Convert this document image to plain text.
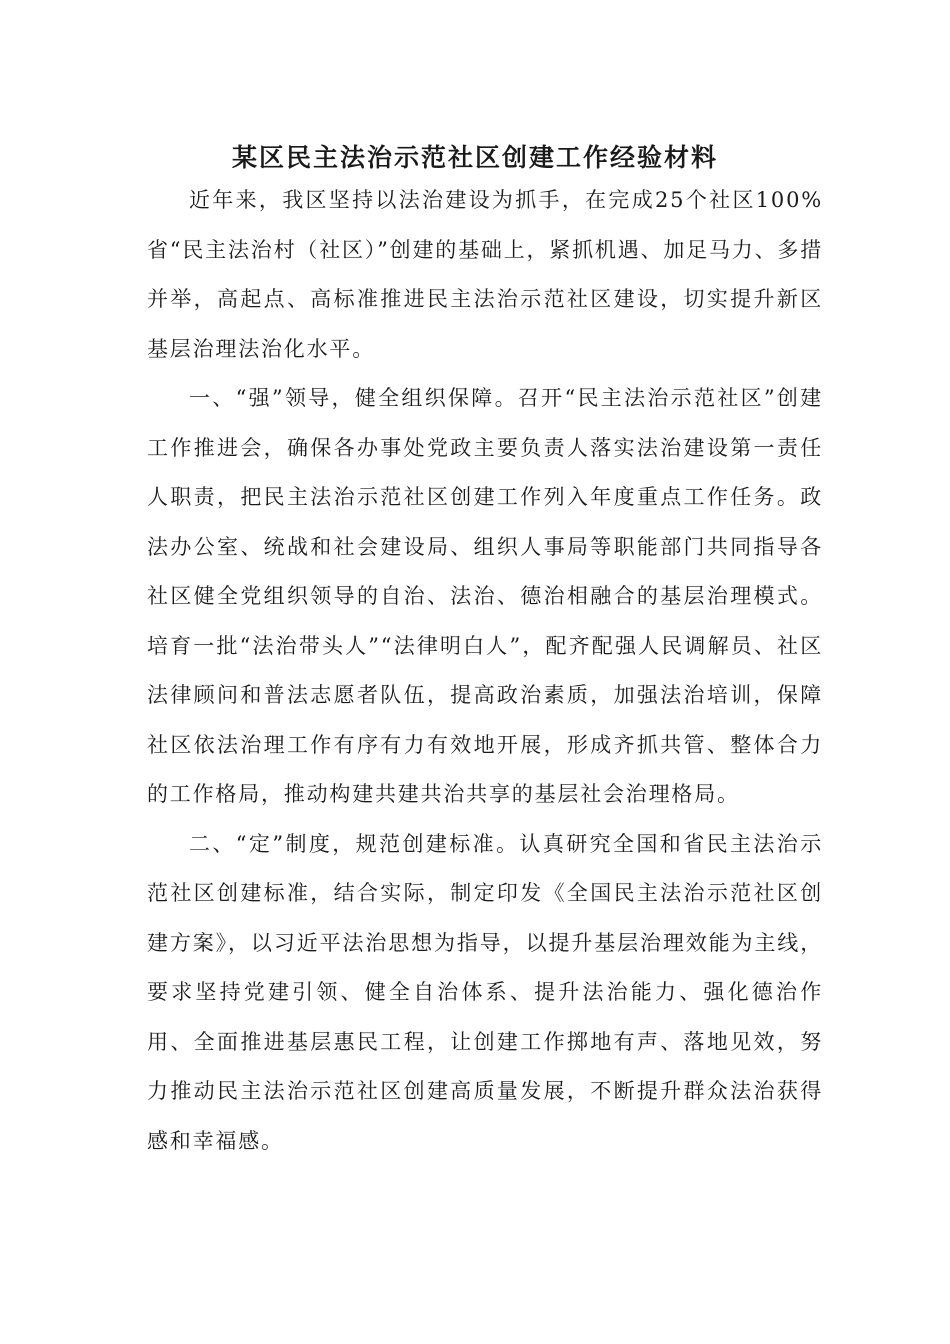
某区民主法治示范社区创建工作经验材料

近年来，我区坚持以法治建设为抓手，在完成25个社区100%省“民主法治村（社区）”创建的基础上，紧抓机遇、加足马力、多措并举，高起点、高标准推进民主法治示范社区建设，切实提升新区基层治理法治化水平。

一、“强”领导，健全组织保障。召开“民主法治示范社区”创建工作推进会，确保各办事处党政主要负责人落实法治建设第一责任人职责，把民主法治示范社区创建工作列入年度重点工作任务。政法办公室、统战和社会建设局、组织人事局等职能部门共同指导各社区健全党组织领导的自治、法治、德治相融合的基层治理模式。培育一批“法治带头人”“法律明白人”，配齐配强人民调解员、社区法律顾问和普法志愿者队伍，提高政治素质，加强法治培训，保障社区依法治理工作有序有力有效地开展，形成齐抓共管、整体合力的工作格局，推动构建共建共治共享的基层社会治理格局。

二、“定”制度，规范创建标准。认真研究全国和省民主法治示范社区创建标准，结合实际，制定印发《全国民主法治示范社区创建方案》，以习近平法治思想为指导，以提升基层治理效能为主线，要求坚持党建引领、健全自治体系、提升法治能力、强化德治作用、全面推进基层惠民工程，让创建工作掷地有声、落地见效，努力推动民主法治示范社区创建高质量发展，不断提升群众法治获得感和幸福感。
